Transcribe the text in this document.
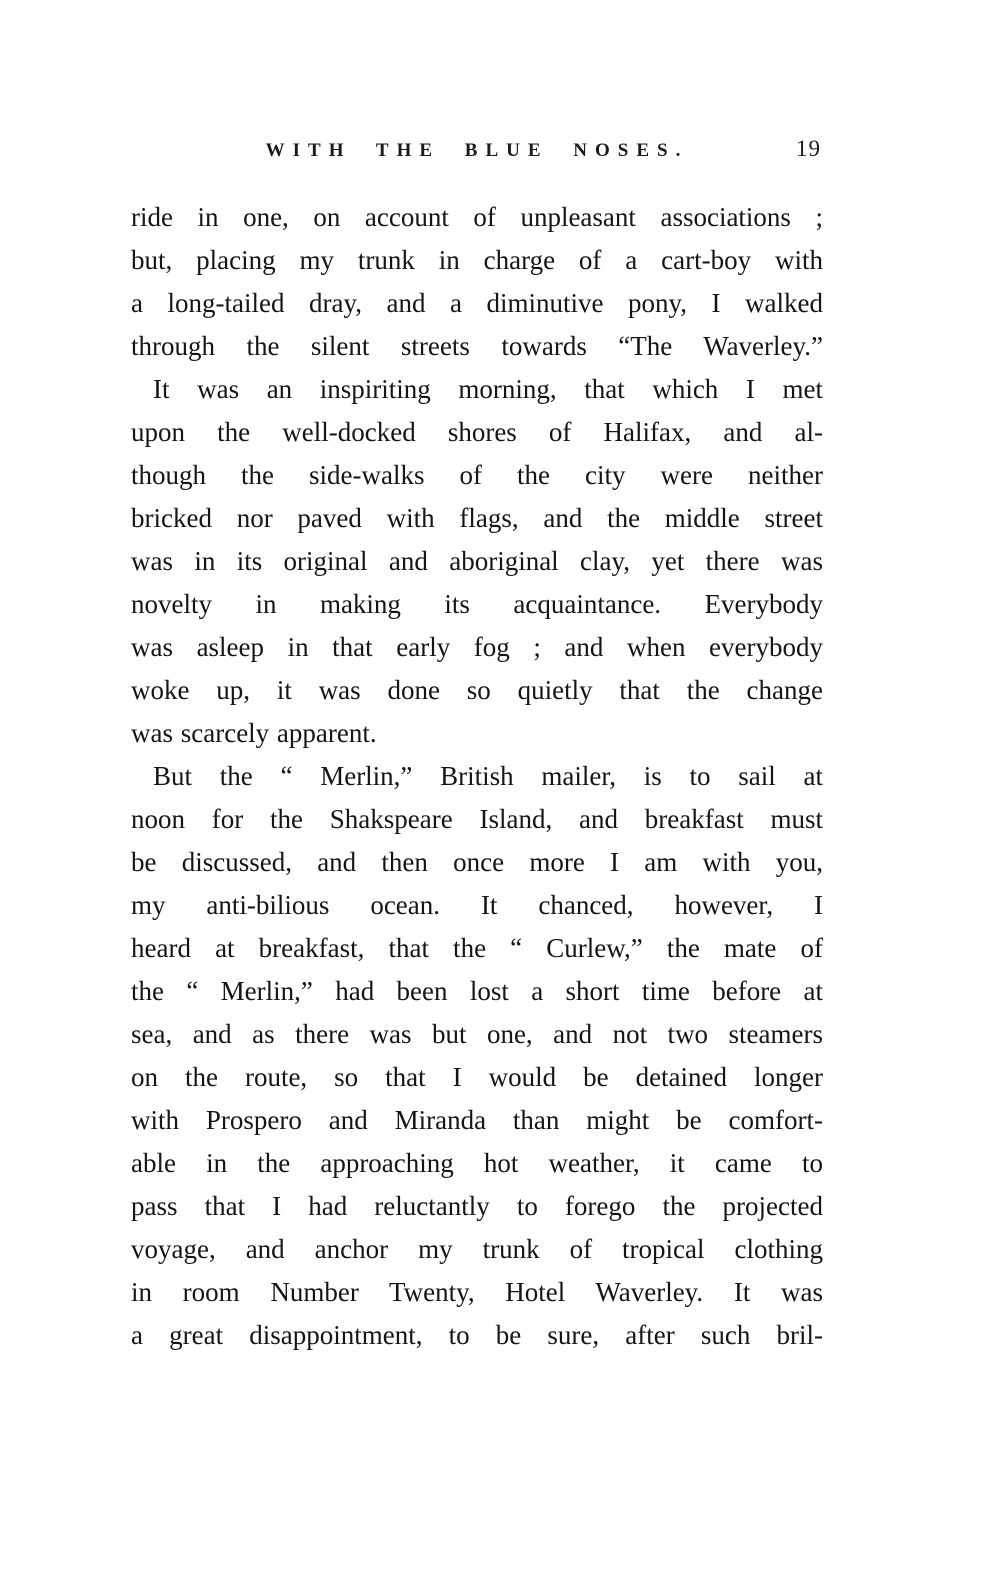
WITH THE BLUE NOSES.	19
ride in one, on account of unpleasant associations ;
but, placing my trunk in charge of a cart-boy with
a long-tailed dray, and a diminutive pony, I walked
through the silent streets towards “The Waverley.”
It was an inspiriting morning, that which I met
upon the well-docked shores of Halifax, and al-
though the side-walks of the city were neither
bricked nor paved with flags, and the middle street
was in its original and aboriginal clay, yet there was
novelty in making its acquaintance. Everybody
was asleep in that early fog ; and when everybody
woke up, it was done so quietly that the change
was scarcely apparent.
But the “ Merlin,” British mailer, is to sail at
noon for the Shakspeare Island, and breakfast must
be discussed, and then once more I am with you,
my anti-bilious ocean. It chanced, however, I
heard at breakfast, that the “ Curlew,” the mate of
the “ Merlin,” had been lost a short time before at
sea, and as there was but one, and not two steamers
on the route, so that I would be detained longer
with Prospero and Miranda than might be comfort-
able in the approaching hot weather, it came to
pass that I had reluctantly to forego the projected
voyage, and anchor my trunk of tropical clothing
in room Number Twenty, Hotel Waverley. It was
a great disappointment, to be sure, after such bril-
